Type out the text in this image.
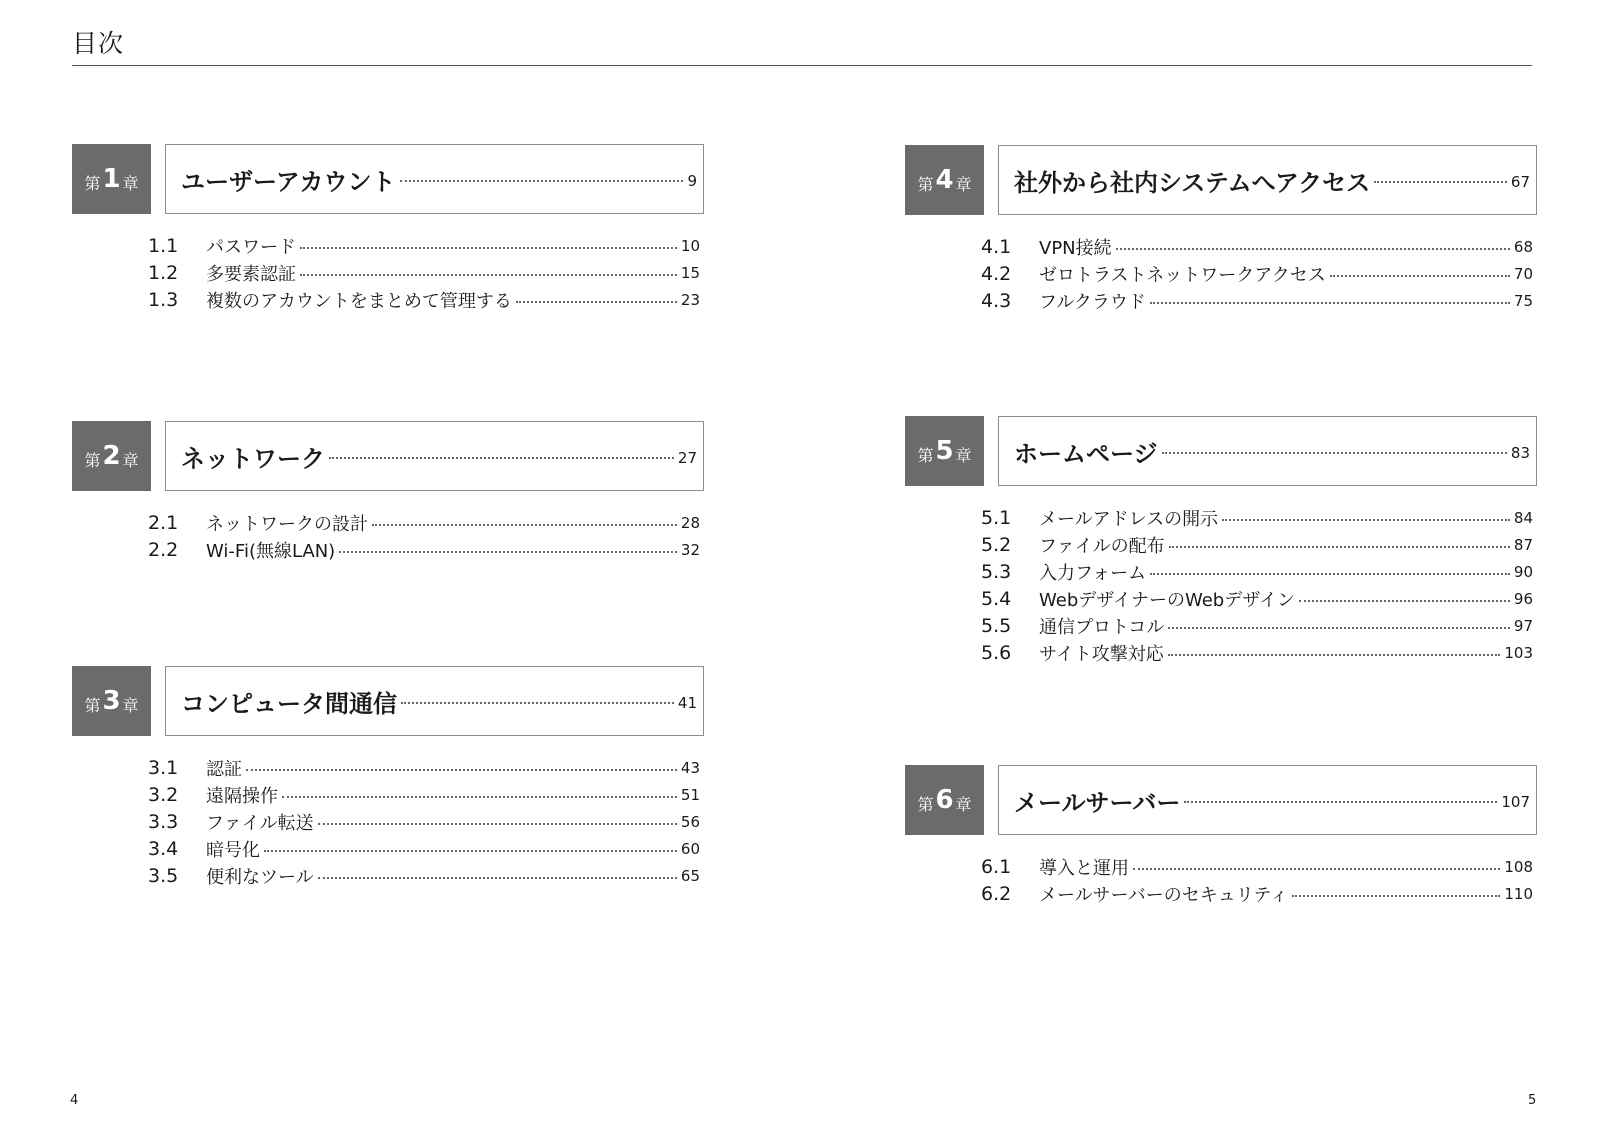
目次
第 1 章 ユーザーアカウント	9
1.1	パスワード	10
1.2	多要素認証	15
1.3	複数のアカウントをまとめて管理する	23
第 2 章 ネットワーク	27
2.1	ネットワークの設計	28
2.2	Wi-Fi(無線LAN)	32
第 3 章 コンピュータ間通信	41
3.1	認証	43
3.2	遠隔操作	51
3.3	ファイル転送	56
3.4	暗号化	60
3.5	便利なツール	65
第 4 章 社外から社内システムへアクセス	67
4.1	VPN接続	68
4.2	ゼロトラストネットワークアクセス	70
4.3	フルクラウド	75
第 5 章 ホームページ	83
5.1	メールアドレスの開示	84
5.2	ファイルの配布	87
5.3	入力フォーム	90
5.4	WebデザイナーのWebデザイン	96
5.5	通信プロトコル	97
5.6	サイト攻撃対応	103
第 6 章 メールサーバー	107
6.1	導入と運用	108
6.2	メールサーバーのセキュリティ	110
4	5
